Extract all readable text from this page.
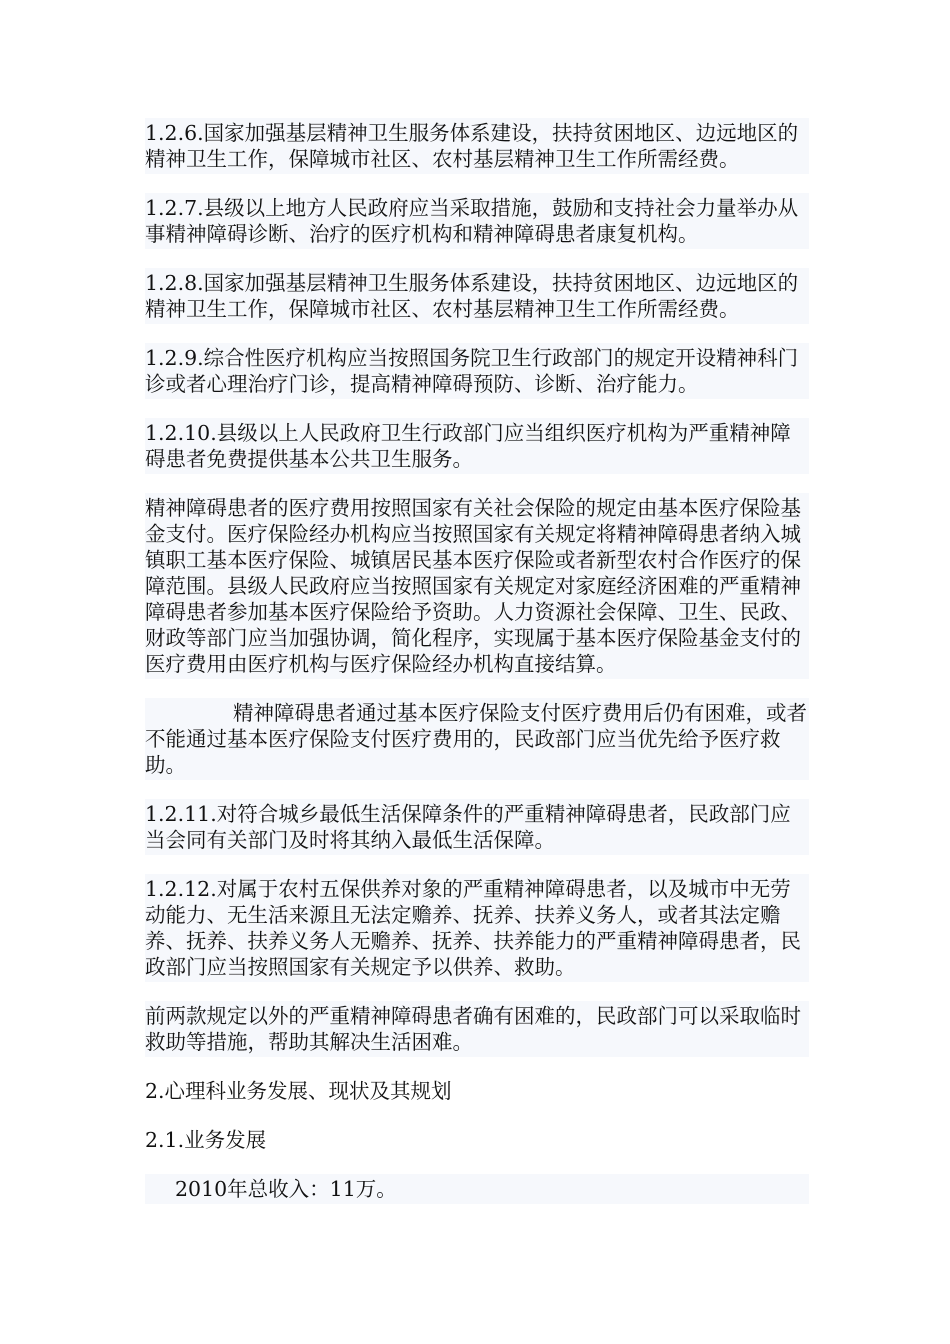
1.2.6.国家加强基层精神卫生服务体系建设，扶持贫困地区、边远地区的精神卫生工作，保障城市社区、农村基层精神卫生工作所需经费。

1.2.7.县级以上地方人民政府应当采取措施，鼓励和支持社会力量举办从事精神障碍诊断、治疗的医疗机构和精神障碍患者康复机构。

1.2.8.国家加强基层精神卫生服务体系建设，扶持贫困地区、边远地区的精神卫生工作，保障城市社区、农村基层精神卫生工作所需经费。

1.2.9.综合性医疗机构应当按照国务院卫生行政部门的规定开设精神科门诊或者心理治疗门诊，提高精神障碍预防、诊断、治疗能力。

1.2.10.县级以上人民政府卫生行政部门应当组织医疗机构为严重精神障碍患者免费提供基本公共卫生服务。

精神障碍患者的医疗费用按照国家有关社会保险的规定由基本医疗保险基金支付。医疗保险经办机构应当按照国家有关规定将精神障碍患者纳入城镇职工基本医疗保险、城镇居民基本医疗保险或者新型农村合作医疗的保障范围。县级人民政府应当按照国家有关规定对家庭经济困难的严重精神障碍患者参加基本医疗保险给予资助。人力资源社会保障、卫生、民政、财政等部门应当加强协调，简化程序，实现属于基本医疗保险基金支付的医疗费用由医疗机构与医疗保险经办机构直接结算。

精神障碍患者通过基本医疗保险支付医疗费用后仍有困难，或者不能通过基本医疗保险支付医疗费用的，民政部门应当优先给予医疗救助。

1.2.11.对符合城乡最低生活保障条件的严重精神障碍患者，民政部门应当会同有关部门及时将其纳入最低生活保障。

1.2.12.对属于农村五保供养对象的严重精神障碍患者，以及城市中无劳动能力、无生活来源且无法定赡养、抚养、扶养义务人，或者其法定赡养、抚养、扶养义务人无赡养、抚养、扶养能力的严重精神障碍患者，民政部门应当按照国家有关规定予以供养、救助。

前两款规定以外的严重精神障碍患者确有困难的，民政部门可以采取临时救助等措施，帮助其解决生活困难。

2.心理科业务发展、现状及其规划

2.1.业务发展

2010年总收入：11万。
